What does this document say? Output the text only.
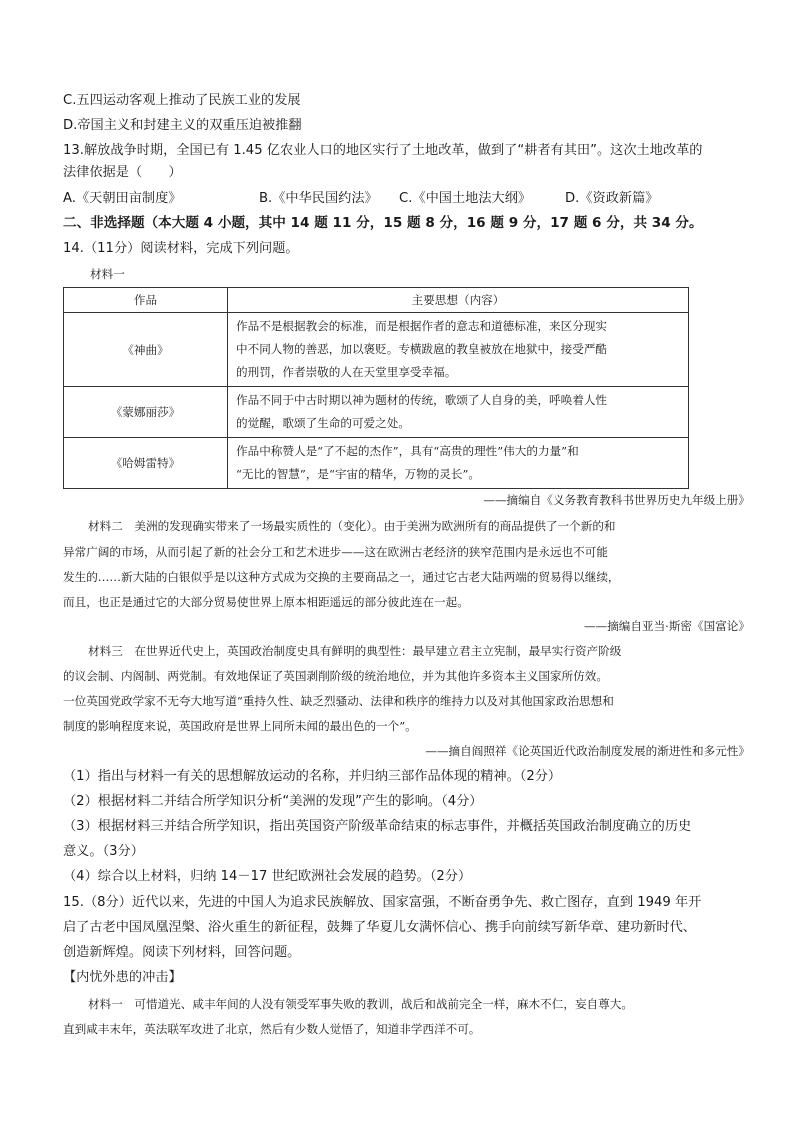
C.五四运动客观上推动了民族工业的发展
D.帝国主义和封建主义的双重压迫被推翻
13.解放战争时期，全国已有 1.45 亿农业人口的地区实行了土地改革，做到了“耕者有其田”。这次土地改革的
法律依据是（　　）
A.《天朝田亩制度》	B.《中华民国约法》 C.《中国土地法大纲》	D.《资政新篇》
二、非选择题（本大题 4 小题，其中 14 题 11 分，15 题 8 分，16 题 9 分，17 题 6 分，共 34 分。
14.（11分）阅读材料，完成下列问题。
材料一
作品	主要思想（内容）
《神曲》	作品不是根据教会的标准，而是根据作者的意志和道德标准，来区分现实
中不同人物的善恶，加以褒贬。专横跋扈的教皇被放在地狱中，接受严酷
的刑罚，作者崇敬的人在天堂里享受幸福。

《蒙娜丽莎》	作品不同于中古时期以神为题材的传统，歌颂了人自身的美，呼唤着人性
的觉醒，歌颂了生命的可爱之处。

《哈姆雷特》	作品中称赞人是“了不起的杰作”，具有“高贵的理性”伟大的力量”和
“无比的智慧”，是“宇宙的精华，万物的灵长”。
——摘编自《义务教育教科书世界历史九年级上册》
材料二　美洲的发现确实带来了一场最实质性的（变化）。由于美洲为欧洲所有的商品提供了一个新的和
异常广阔的市场，从而引起了新的社会分工和艺术进步——这在欧洲古老经济的狭窄范围内是永远也不可能
发生的……新大陆的白银似乎是以这种方式成为交换的主要商品之一，通过它古老大陆两端的贸易得以继续，
而且，也正是通过它的大部分贸易使世界上原本相距遥远的部分彼此连在一起。
——摘编自亚当·斯密《国富论》
材料三　在世界近代史上，英国政治制度史具有鲜明的典型性：最早建立君主立宪制，最早实行资产阶级
的议会制、内阁制、两党制。有效地保证了英国剥削阶级的统治地位，并为其他许多资本主义国家所仿效。
一位英国党政学家不无夸大地写道“重持久性、缺乏烈骚动、法律和秩序的维持力以及对其他国家政治思想和
制度的影响程度来说，英国政府是世界上同所未闻的最出色的一个”。
——摘自阎照祥《论英国近代政治制度发展的渐进性和多元性》
（1）指出与材料一有关的思想解放运动的名称，并归纳三部作品体现的精神。（2分）
（2）根据材料二并结合所学知识分析“美洲的发现”产生的影响。（4分）
（3）根据材料三并结合所学知识，指出英国资产阶级革命结束的标志事件，并概括英国政治制度确立的历史
意义。（3分）
（4）综合以上材料，归纳 14－17 世纪欧洲社会发展的趋势。（2分）
15.（8分）近代以来，先进的中国人为追求民族解放、国家富强，不断奋勇争先、救亡图存，直到 1949 年开
启了古老中国凤凰涅槃、浴火重生的新征程，鼓舞了华夏儿女满怀信心、携手向前续写新华章、建功新时代、
创造新辉煌。阅读下列材料，回答问题。
【内忧外患的冲击】
材料一　可惜道光、咸丰年间的人没有领受军事失败的教训，战后和战前完全一样，麻木不仁，妄自尊大。
直到咸丰末年，英法联军攻进了北京，然后有少数人觉悟了，知道非学西洋不可。
